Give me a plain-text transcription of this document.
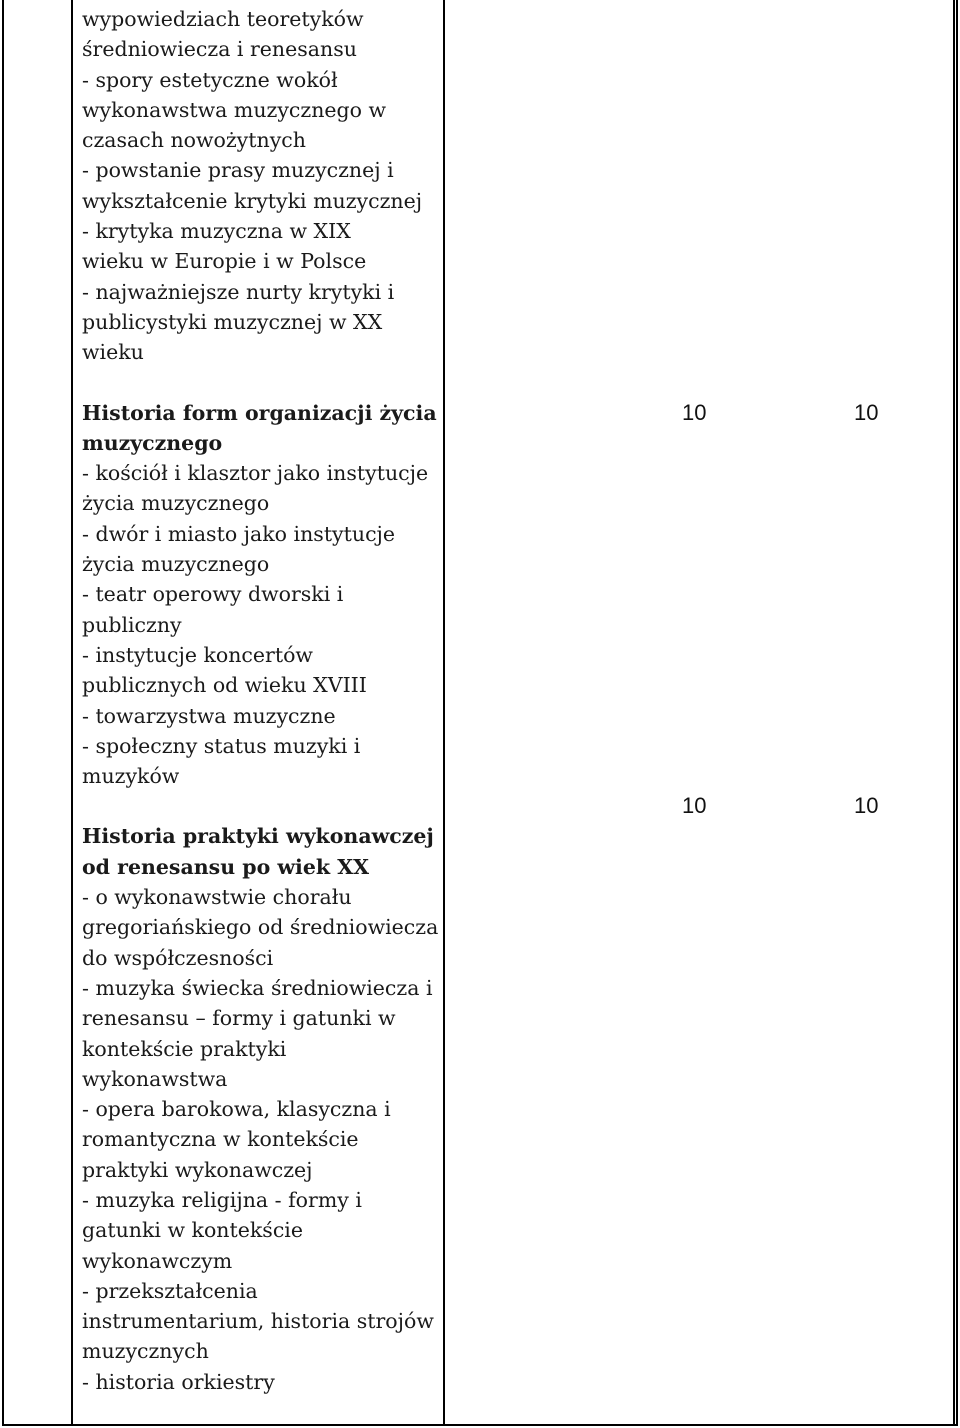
wypowiedziach teoretyków
średniowiecza i renesansu
- spory estetyczne wokół
wykonawstwa muzycznego w
czasach nowożytnych
- powstanie prasy muzycznej i
wykształcenie krytyki muzycznej
- krytyka muzyczna w XIX
wieku w Europie i w Polsce
- najważniejsze nurty krytyki i
publicystyki muzycznej w XX
wieku
Historia form organizacji życia
muzycznego
- kościół i klasztor jako instytucje
życia muzycznego
- dwór i miasto jako instytucje
życia muzycznego
- teatr operowy dworski i
publiczny
- instytucje koncertów
publicznych od wieku XVIII
- towarzystwa muzyczne
- społeczny status muzyki i
muzyków
Historia praktyki wykonawczej
od renesansu po wiek XX
- o wykonawstwie chorału
gregoriańskiego od średniowiecza
do współczesności
- muzyka świecka średniowiecza i
renesansu – formy i gatunki w
kontekście praktyki
wykonawstwa
- opera barokowa, klasyczna i
romantyczna w kontekście
praktyki wykonawczej
- muzyka religijna - formy i
gatunki w kontekście
wykonawczym
- przekształcenia
instrumentarium, historia strojów
muzycznych
- historia orkiestry
10	10
10	10
